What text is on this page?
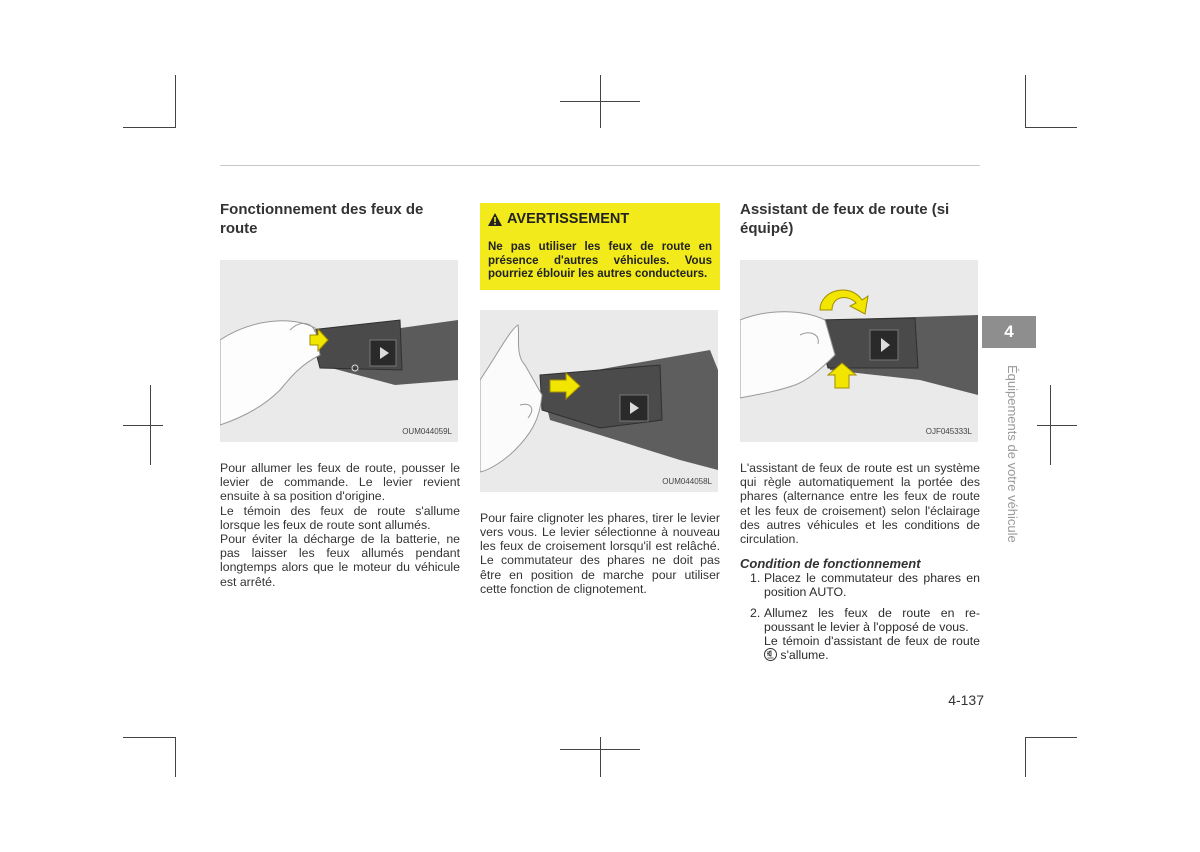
Fonctionnement des feux de route
OUM044059L

Pour allumer les feux de route, pousser le levier de commande. Le levier revient ensuite à sa position d'origine.

Le témoin des feux de route s'allume lorsque les feux de route sont allumés.

Pour éviter la décharge de la batterie, ne pas laisser les feux allumés pendant longtemps alors que le moteur du véhicule est arrêté.

AVERTISSEMENT
Ne pas utiliser les feux de route en présence d'autres véhicules. Vous pourriez éblouir les autres conducteurs.
OUM044058L

Pour faire clignoter les phares, tirer le levier vers vous. Le levier sélectionne à nouveau les feux de croisement lorsqu'il est relâché. Le commutateur des phares ne doit pas être en position de marche pour utiliser cette fonction de clignotement.

Assistant de feux de route (si équipé)
OJF045333L

L'assistant de feux de route est un système qui règle automatiquement la portée des phares (alternance entre les feux de route et les feux de croisement) selon l'éclairage des autres véhicules et les conditions de circulation.

Condition de fonctionnement
1. Placez le commutateur des phares en position AUTO.
2. Allumez les feux de route en repoussant le levier à l'opposé de vous.
Le témoin d'assistant de feux de route  s'allume.
4
Équipements de votre véhicule
4-137
